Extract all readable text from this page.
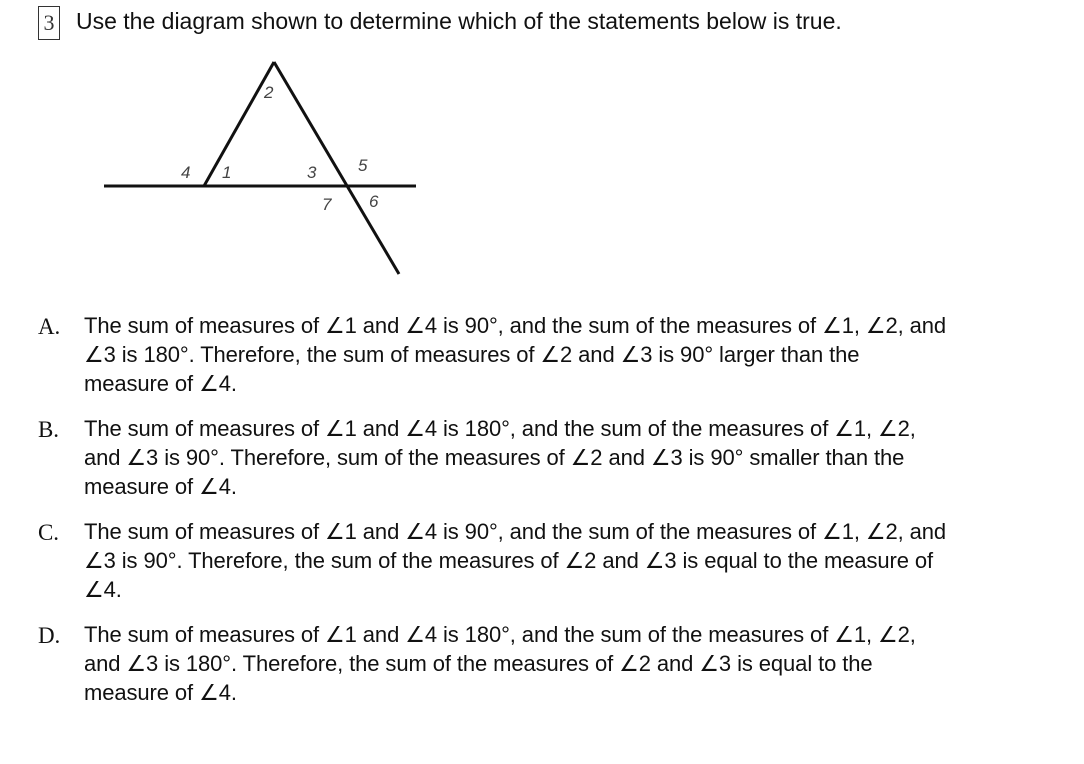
3 Use the diagram shown to determine which of the statements below is true.
2
4 1	3 5
7 6
A. The sum of measures of ∠1 and ∠4 is 90°, and the sum of the measures of ∠1, ∠2, and
∠3 is 180°. Therefore, the sum of measures of ∠2 and ∠3 is 90° larger than the
measure of ∠4.
B. The sum of measures of ∠1 and ∠4 is 180°, and the sum of the measures of ∠1, ∠2,
and ∠3 is 90°. Therefore, sum of the measures of ∠2 and ∠3 is 90° smaller than the
measure of ∠4.
C. The sum of measures of ∠1 and ∠4 is 90°, and the sum of the measures of ∠1, ∠2, and
∠3 is 90°. Therefore, the sum of the measures of ∠2 and ∠3 is equal to the measure of
∠4.
D. The sum of measures of ∠1 and ∠4 is 180°, and the sum of the measures of ∠1, ∠2,
and ∠3 is 180°. Therefore, the sum of the measures of ∠2 and ∠3 is equal to the
measure of ∠4.
